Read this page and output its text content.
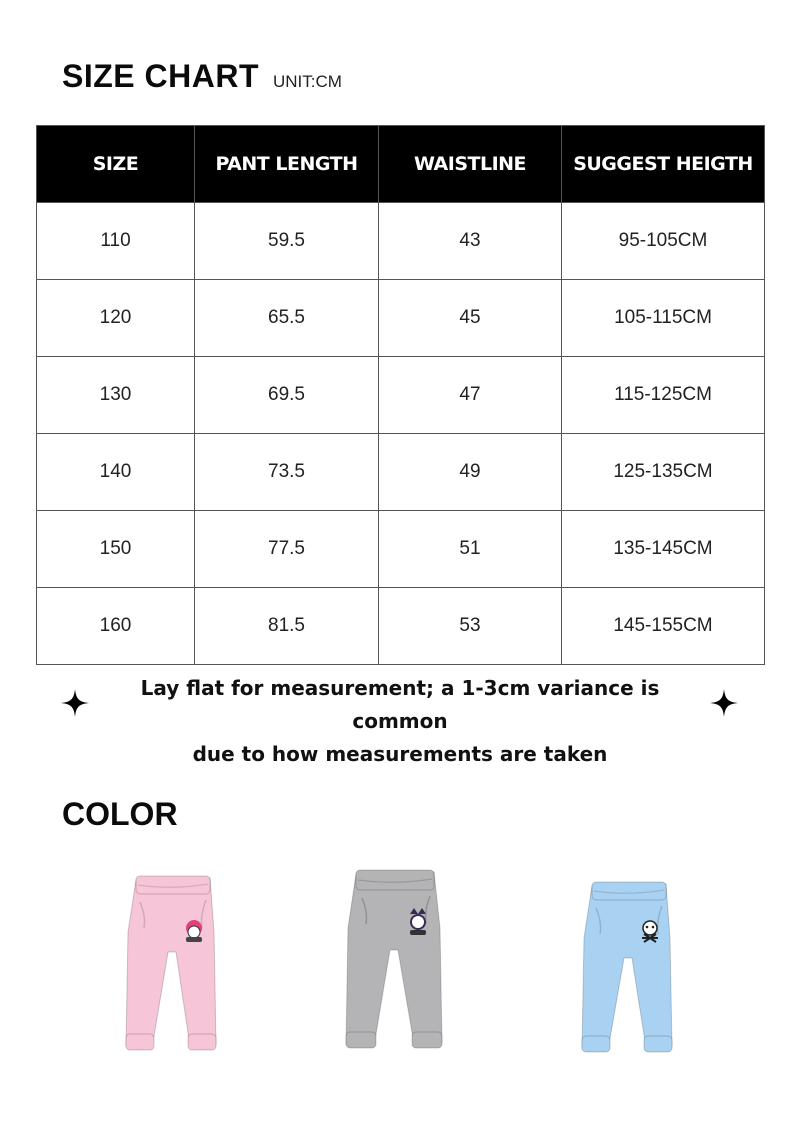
SIZE CHART UNIT:CM
SIZE	PANT LENGTH	WAISTLINE	SUGGEST HEIGTH
110	59.5	43	95-105CM
120	65.5	45	105-115CM
130	69.5	47	115-125CM
140	73.5	49	125-135CM
150	77.5	51	135-145CM
160	81.5	53	145-155CM
Lay flat for measurement; a 1-3cm variance is common
due to how measurements are taken
COLOR
